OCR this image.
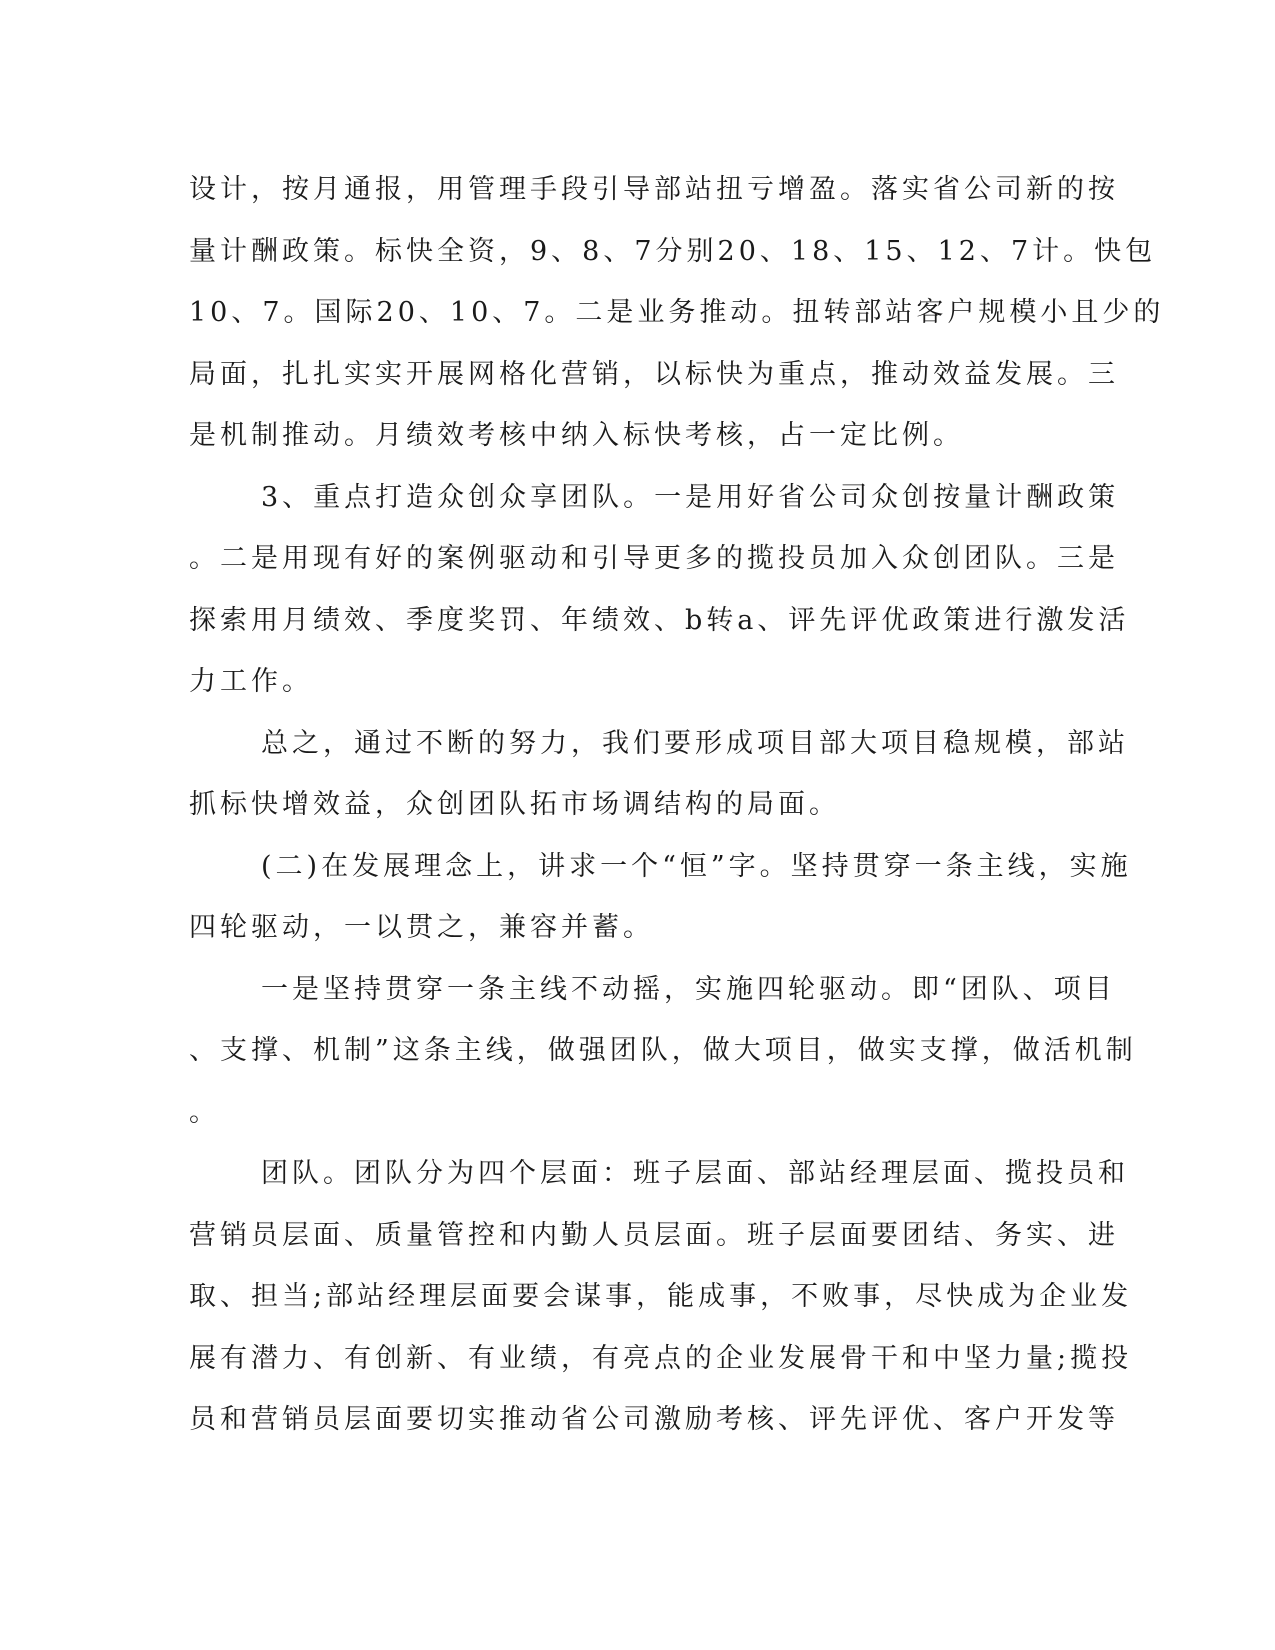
设计，按月通报，用管理手段引导部站扭亏增盈。落实省公司新的按
量计酬政策。标快全资，9、8、7分别20、18、15、12、7计。快包
10、7。国际20、10、7。二是业务推动。扭转部站客户规模小且少的
局面，扎扎实实开展网格化营销，以标快为重点，推动效益发展。三
是机制推动。月绩效考核中纳入标快考核，占一定比例。
3、重点打造众创众享团队。一是用好省公司众创按量计酬政策
。二是用现有好的案例驱动和引导更多的揽投员加入众创团队。三是
探索用月绩效、季度奖罚、年绩效、b转a、评先评优政策进行激发活
力工作。
总之，通过不断的努力，我们要形成项目部大项目稳规模，部站
抓标快增效益，众创团队拓市场调结构的局面。
(二)在发展理念上，讲求一个“恒”字。坚持贯穿一条主线，实施
四轮驱动，一以贯之，兼容并蓄。
一是坚持贯穿一条主线不动摇，实施四轮驱动。即“团队、项目
、支撑、机制”这条主线，做强团队，做大项目，做实支撑，做活机制
。
团队。团队分为四个层面：班子层面、部站经理层面、揽投员和
营销员层面、质量管控和内勤人员层面。班子层面要团结、务实、进
取、担当;部站经理层面要会谋事，能成事，不败事，尽快成为企业发
展有潜力、有创新、有业绩，有亮点的企业发展骨干和中坚力量;揽投
员和营销员层面要切实推动省公司激励考核、评先评优、客户开发等
